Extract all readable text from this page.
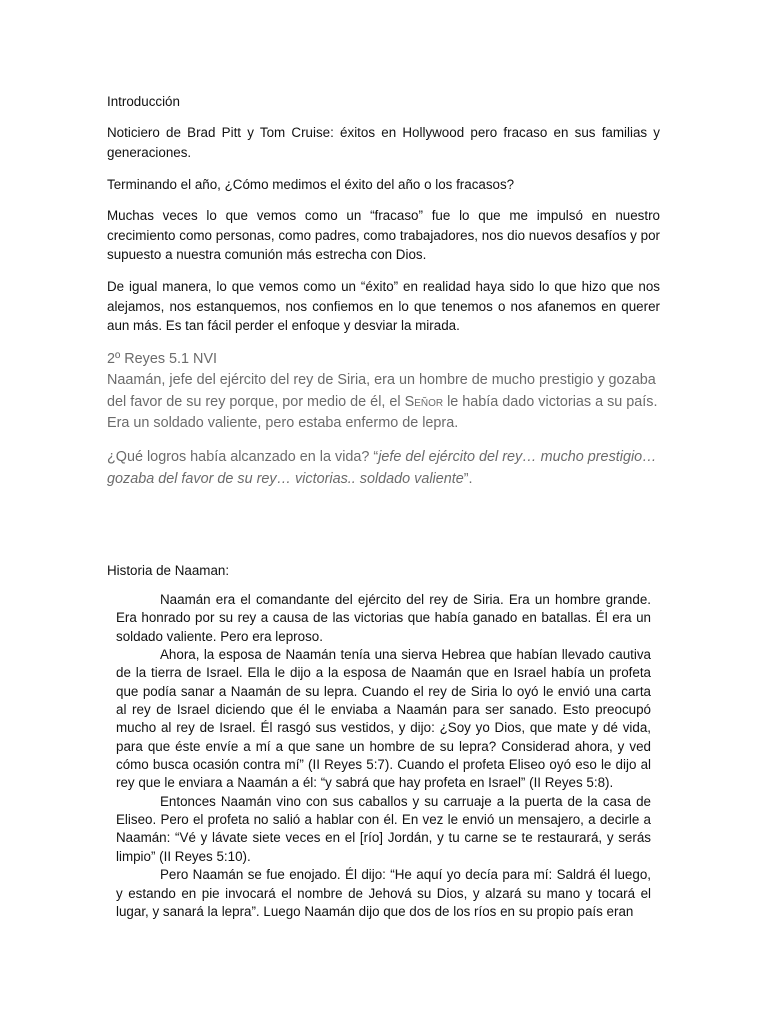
Introducción

Noticiero de Brad Pitt y Tom Cruise: éxitos en Hollywood pero fracaso en sus familias y generaciones.

Terminando el año, ¿Cómo medimos el éxito del año o los fracasos?

Muchas veces lo que vemos como un “fracaso” fue lo que me impulsó en nuestro crecimiento como personas, como padres, como trabajadores, nos dio nuevos desafíos y por supuesto a nuestra comunión más estrecha con Dios.

De igual manera, lo que vemos como un “éxito” en realidad haya sido lo que hizo que nos alejamos, nos estanquemos, nos confiemos en lo que tenemos o nos afanemos en querer aun más. Es tan fácil perder el enfoque y desviar la mirada.

2º Reyes 5.1 NVI

Naamán, jefe del ejército del rey de Siria, era un hombre de mucho prestigio y gozaba del favor de su rey porque, por medio de él, el Señor le había dado victorias a su país. Era un soldado valiente, pero estaba enfermo de lepra.

¿Qué logros había alcanzado en la vida? “jefe del ejército del rey… mucho prestigio… gozaba del favor de su rey… victorias.. soldado valiente”.

Historia de Naaman:

Naamán era el comandante del ejército del rey de Siria. Era un hombre grande. Era honrado por su rey a causa de las victorias que había ganado en batallas. Él era un soldado valiente. Pero era leproso.

Ahora, la esposa de Naamán tenía una sierva Hebrea que habían llevado cautiva de la tierra de Israel. Ella le dijo a la esposa de Naamán que en Israel había un profeta que podía sanar a Naamán de su lepra. Cuando el rey de Siria lo oyó le envió una carta al rey de Israel diciendo que él le enviaba a Naamán para ser sanado. Esto preocupó mucho al rey de Israel. Él rasgó sus vestidos, y dijo: ¿Soy yo Dios, que mate y dé vida, para que éste envíe a mí a que sane un hombre de su lepra? Considerad ahora, y ved cómo busca ocasión contra mí” (II Reyes 5:7). Cuando el profeta Eliseo oyó eso le dijo al rey que le enviara a Naamán a él: “y sabrá que hay profeta en Israel” (II Reyes 5:8).

Entonces Naamán vino con sus caballos y su carruaje a la puerta de la casa de Eliseo. Pero el profeta no salió a hablar con él. En vez le envió un mensajero, a decirle a Naamán: “Vé y lávate siete veces en el [río] Jordán, y tu carne se te restaurará, y serás limpio” (II Reyes 5:10).

Pero Naamán se fue enojado. Él dijo: “He aquí yo decía para mí: Saldrá él luego, y estando en pie invocará el nombre de Jehová su Dios, y alzará su mano y tocará el lugar, y sanará la lepra”. Luego Naamán dijo que dos de los ríos en su propio país eran
